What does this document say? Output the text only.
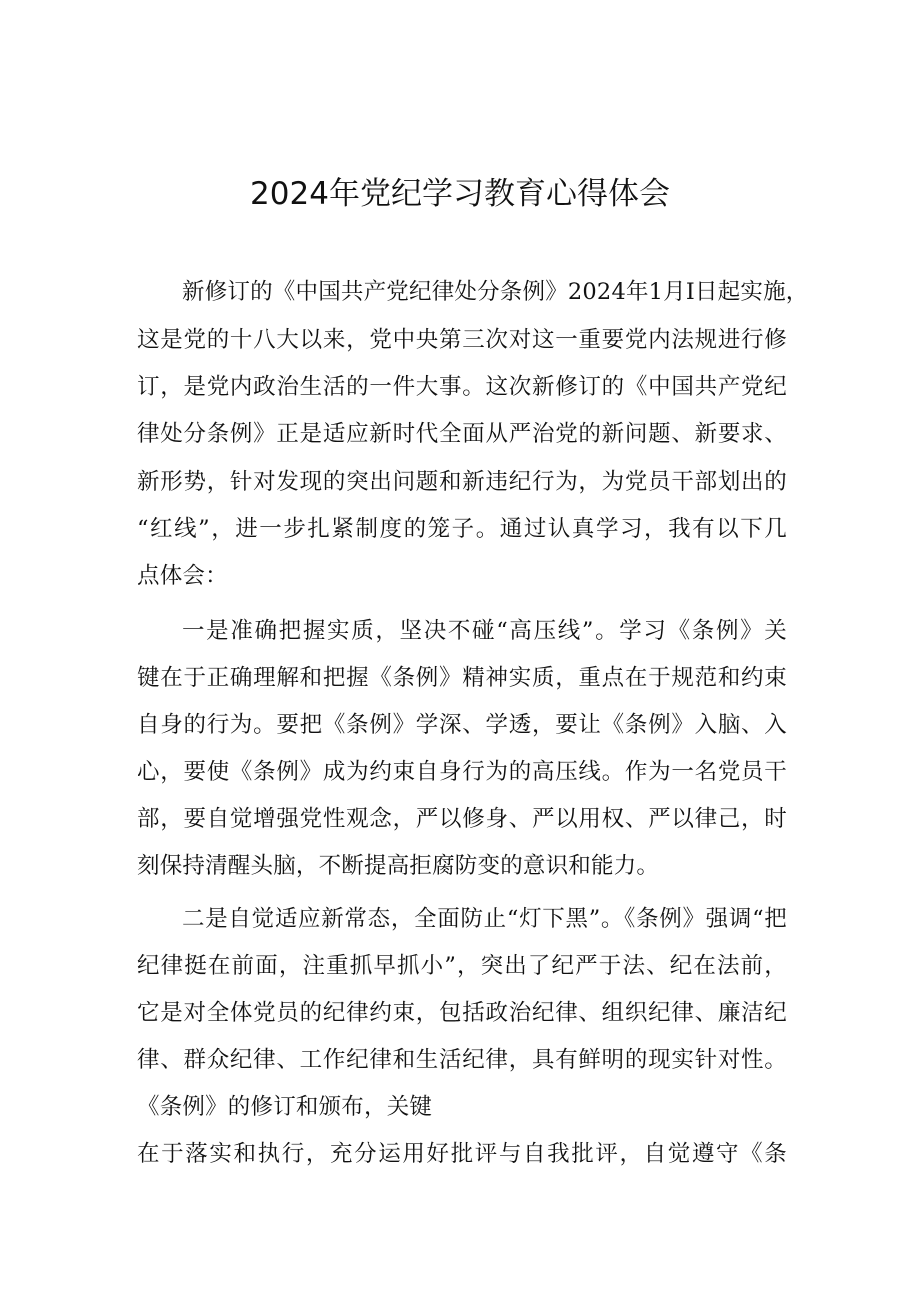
2024年党纪学习教育心得体会
新修订的《中国共产党纪律处分条例》2024年1月I日起实施，
这是党的十八大以来，党中央第三次对这一重要党内法规进行修
订，是党内政治生活的一件大事。这次新修订的《中国共产党纪
律处分条例》正是适应新时代全面从严治党的新问题、新要求、
新形势，针对发现的突出问题和新违纪行为，为党员干部划出的
“红线”，进一步扎紧制度的笼子。通过认真学习，我有以下几
点体会：
一是准确把握实质，坚决不碰“高压线”。学习《条例》关
键在于正确理解和把握《条例》精神实质，重点在于规范和约束
自身的行为。要把《条例》学深、学透，要让《条例》入脑、入
心，要使《条例》成为约束自身行为的高压线。作为一名党员干
部，要自觉增强党性观念，严以修身、严以用权、严以律己，时
刻保持清醒头脑，不断提高拒腐防变的意识和能力。
二是自觉适应新常态，全面防止“灯下黑”。《条例》强调“把
纪律挺在前面，注重抓早抓小”，突出了纪严于法、纪在法前，
它是对全体党员的纪律约束，包括政治纪律、组织纪律、廉洁纪
律、群众纪律、工作纪律和生活纪律，具有鲜明的现实针对性。
《条例》的修订和颁布，关键
在于落实和执行，充分运用好批评与自我批评，自觉遵守《条
